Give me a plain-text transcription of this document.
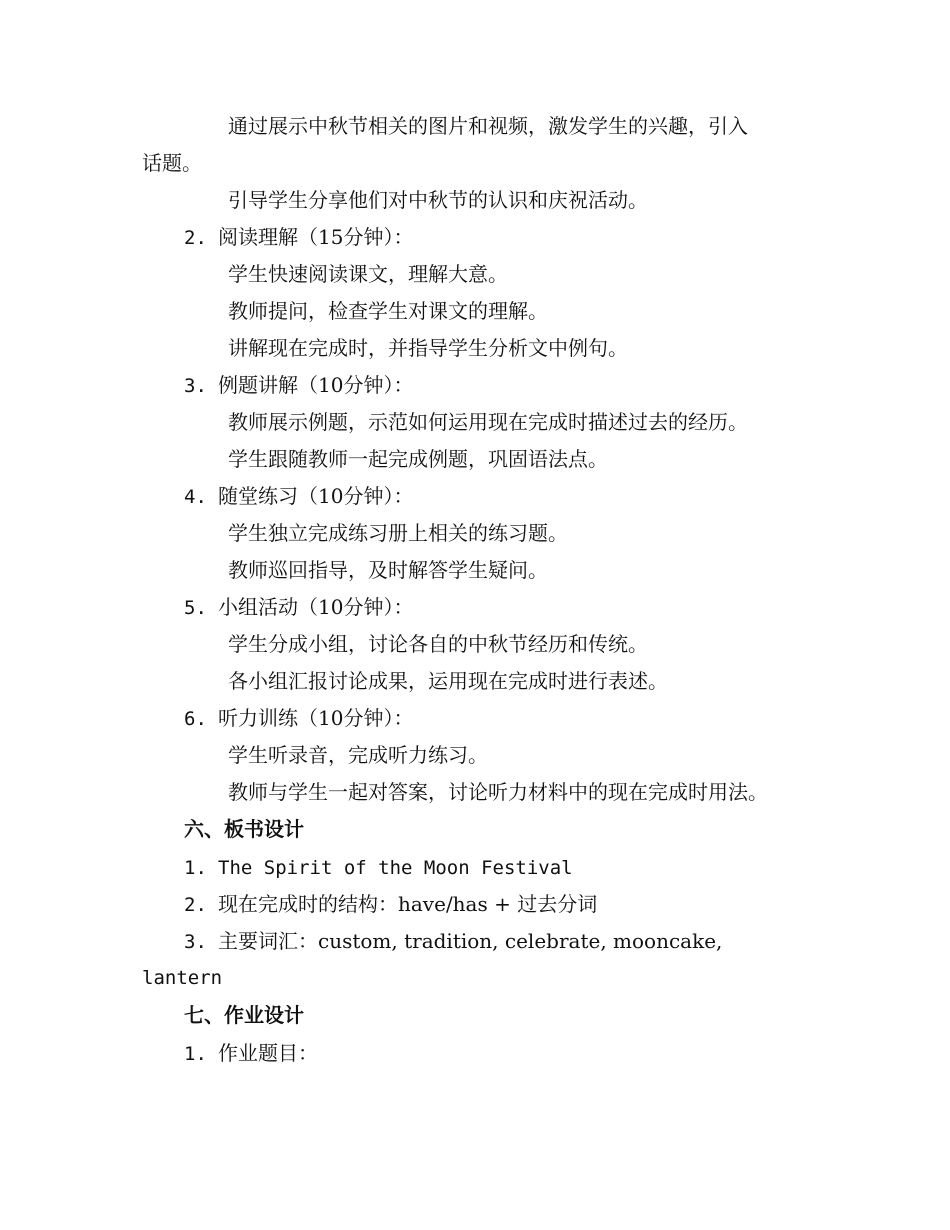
通过展示中秋节相关的图片和视频，激发学生的兴趣，引入
话题。
引导学生分享他们对中秋节的认识和庆祝活动。
2. 阅读理解（15分钟）：
学生快速阅读课文，理解大意。
教师提问，检查学生对课文的理解。
讲解现在完成时，并指导学生分析文中例句。
3. 例题讲解（10分钟）：
教师展示例题，示范如何运用现在完成时描述过去的经历。
学生跟随教师一起完成例题，巩固语法点。
4. 随堂练习（10分钟）：
学生独立完成练习册上相关的练习题。
教师巡回指导，及时解答学生疑问。
5. 小组活动（10分钟）：
学生分成小组，讨论各自的中秋节经历和传统。
各小组汇报讨论成果，运用现在完成时进行表述。
6. 听力训练（10分钟）：
学生听录音，完成听力练习。
教师与学生一起对答案，讨论听力材料中的现在完成时用法。
六、板书设计
1. The Spirit of the Moon Festival
2. 现在完成时的结构：have/has + 过去分词
3. 主要词汇：custom, tradition, celebrate, mooncake,
lantern
七、作业设计
1. 作业题目：
